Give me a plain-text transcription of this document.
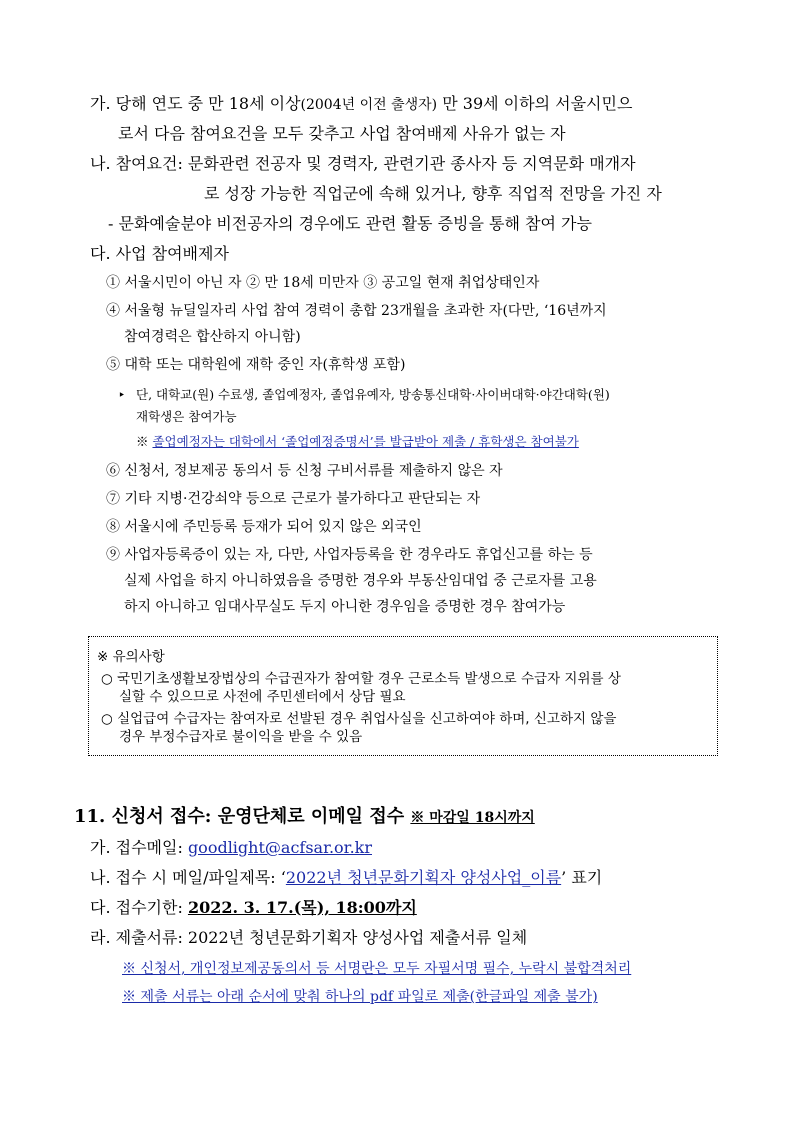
가. 당해 연도 중 만 18세 이상(2004년 이전 출생자) 만 39세 이하의 서울시민으
로서 다음 참여요건을 모두 갖추고 사업 참여배제 사유가 없는 자
나. 참여요건: 문화관련 전공자 및 경력자, 관련기관 종사자 등 지역문화 매개자
로 성장 가능한 직업군에 속해 있거나, 향후 직업적 전망을 가진 자
- 문화예술분야 비전공자의 경우에도 관련 활동 증빙을 통해 참여 가능
다. 사업 참여배제자
① 서울시민이 아닌 자 ② 만 18세 미만자 ③ 공고일 현재 취업상태인자
④ 서울형 뉴딜일자리 사업 참여 경력이 총합 23개월을 초과한 자(다만, ‘16년까지
참여경력은 합산하지 아니함)
⑤ 대학 또는 대학원에 재학 중인 자(휴학생 포함)
‣ 단, 대학교(원) 수료생, 졸업예정자, 졸업유예자, 방송통신대학·사이버대학·야간대학(원)
재학생은 참여가능
※ 졸업예정자는 대학에서 ‘졸업예정증명서’를 발급받아 제출 / 휴학생은 참여불가
⑥ 신청서, 정보제공 동의서 등 신청 구비서류를 제출하지 않은 자
⑦ 기타 지병·건강쇠약 등으로 근로가 불가하다고 판단되는 자
⑧ 서울시에 주민등록 등재가 되어 있지 않은 외국인
⑨ 사업자등록증이 있는 자, 다만, 사업자등록을 한 경우라도 휴업신고를 하는 등
실제 사업을 하지 아니하였음을 증명한 경우와 부동산임대업 중 근로자를 고용
하지 아니하고 임대사무실도 두지 아니한 경우임을 증명한 경우 참여가능
※ 유의사항
○ 국민기초생활보장법상의 수급권자가 참여할 경우 근로소득 발생으로 수급자 지위를 상
실할 수 있으므로 사전에 주민센터에서 상담 필요
○ 실업급여 수급자는 참여자로 선발된 경우 취업사실을 신고하여야 하며, 신고하지 않을
경우 부정수급자로 불이익을 받을 수 있음
11. 신청서 접수: 운영단체로 이메일 접수 ※ 마감일 18시까지
가. 접수메일: goodlight@acfsar.or.kr
나. 접수 시 메일/파일제목: ‘2022년 청년문화기획자 양성사업_이름’ 표기
다. 접수기한: 2022. 3. 17.(목), 18:00까지
라. 제출서류: 2022년 청년문화기획자 양성사업 제출서류 일체
※ 신청서, 개인정보제공동의서 등 서명란은 모두 자필서명 필수, 누락시 불합격처리
※ 제출 서류는 아래 순서에 맞춰 하나의 pdf 파일로 제출(한글파일 제출 불가)
